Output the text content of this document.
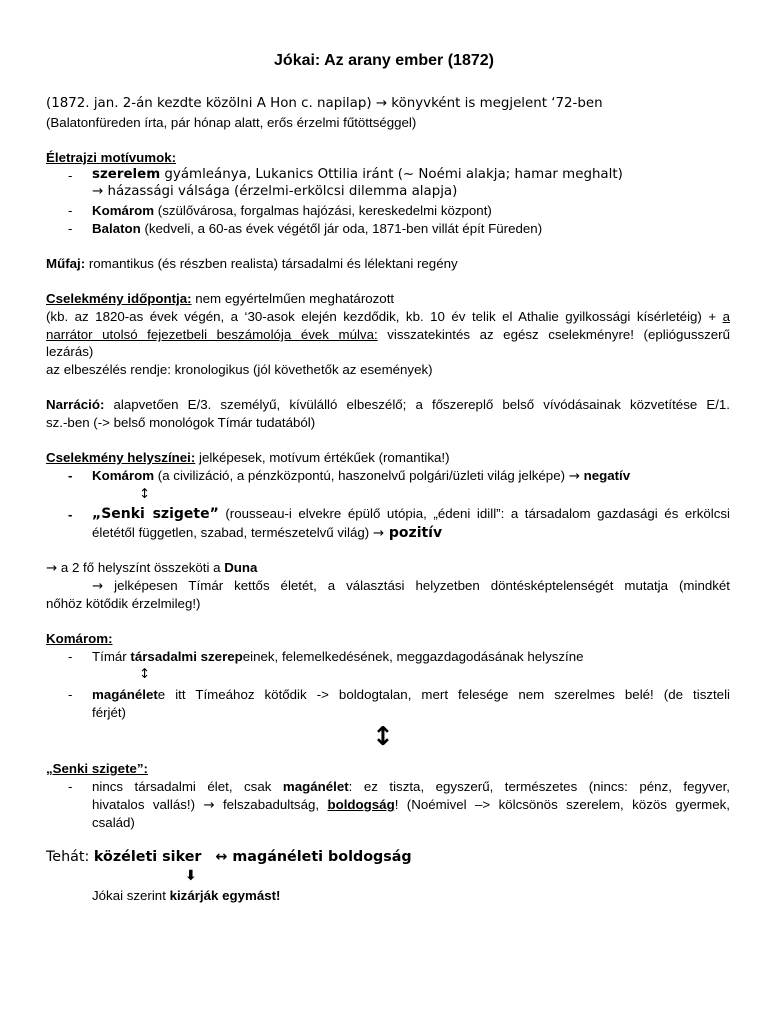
Jókai: Az arany ember (1872)
(1872. jan. 2-án kezdte közölni A Hon c. napilap) → könyvként is megjelent ‘72-ben
(Balatonfüreden írta, pár hónap alatt, erős érzelmi fűtöttséggel)
Életrajzi motívumok:
- szerelem gyámleánya, Lukanics Ottilia iránt (~ Noémi alakja; hamar meghalt)
→ házassági válsága (érzelmi-erkölcsi dilemma alapja)
- Komárom (szülővárosa, forgalmas hajózási, kereskedelmi központ)
- Balaton (kedveli, a 60-as évek végétől jár oda, 1871-ben villát épít Füreden)
Műfaj: romantikus (és részben realista) társadalmi és lélektani regény
Cselekmény időpontja: nem egyértelműen meghatározott
(kb. az 1820-as évek végén, a ‘30-asok elején kezdődik, kb. 10 év telik el Athalie gyilkossági kísérletéig) + a
narrátor utolsó fejezetbeli beszámolója évek múlva: visszatekintés az egész cselekményre! (epliógusszerű
lezárás)
az elbeszélés rendje: kronologikus (jól követhetők az események)
Narráció: alapvetően E/3. személyű, kívülálló elbeszélő; a főszereplő belső vívódásainak közvetítése E/1.
sz.-ben (-> belső monológok Tímár tudatából)
Cselekmény helyszínei: jelképesek, motívum értékűek (romantika!)
- Komárom (a civilizáció, a pénzközpontú, haszonelvű polgári/üzleti világ jelképe) → negatív
↕
- „Senki szigete” (rousseau-i elvekre épülő utópia, „édeni idill”: a társadalom gazdasági és erkölcsi
életétől független, szabad, természetelvű világ) → pozitív
→ a 2 fő helyszínt összeköti a Duna
→ jelképesen Tímár kettős életét, a választási helyzetben döntésképtelenségét mutatja (mindkét
nőhöz kötődik érzelmileg!)
Komárom:
- Tímár társadalmi szerepeinek, felemelkedésének, meggazdagodásának helyszíne
↕
- magánélete itt Tímeához kötődik -> boldogtalan, mert felesége nem szerelmes belé! (de tiszteli
férjét)
↕
„Senki szigete”:
- nincs társadalmi élet, csak magánélet: ez tiszta, egyszerű, természetes (nincs: pénz, fegyver,
hivatalos vallás!) → felszabadultság, boldogság! (Noémivel –> kölcsönös szerelem, közös gyermek,
család)
Tehát: közéleti siker ↔ magánéleti boldogság
⬇
Jókai szerint kizárják egymást!
